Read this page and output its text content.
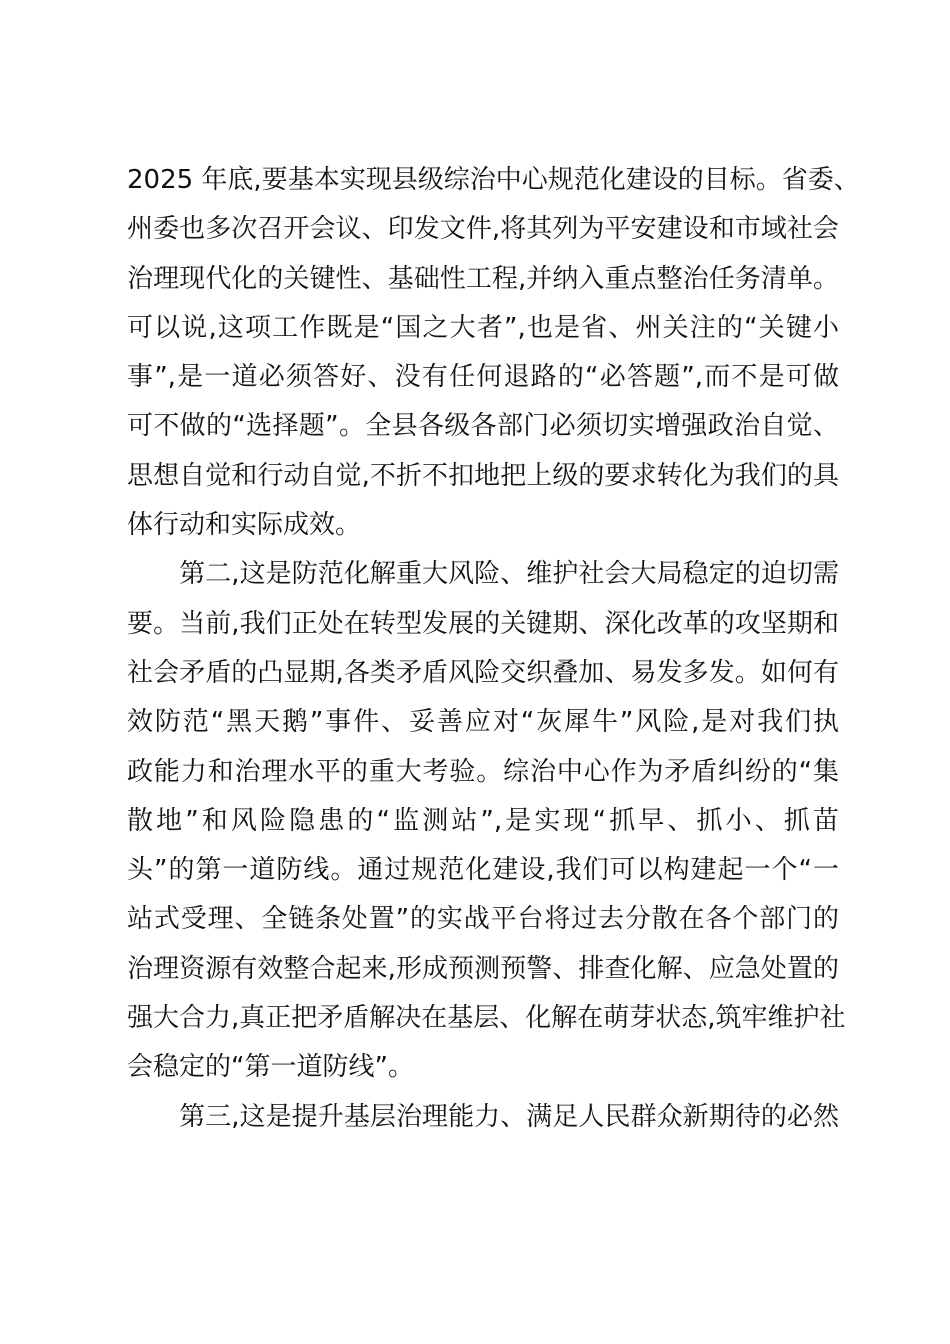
2025 年底,要基本实现县级综治中心规范化建设的目标。省委、
州委也多次召开会议、印发文件,将其列为平安建设和市域社会
治理现代化的关键性、基础性工程,并纳入重点整治任务清单。
可以说,这项工作既是“国之大者”,也是省、州关注的“关键小
事”,是一道必须答好、没有任何退路的“必答题”,而不是可做
可不做的“选择题”。全县各级各部门必须切实增强政治自觉、
思想自觉和行动自觉,不折不扣地把上级的要求转化为我们的具
体行动和实际成效。
　　第二,这是防范化解重大风险、维护社会大局稳定的迫切需
要。当前,我们正处在转型发展的关键期、深化改革的攻坚期和
社会矛盾的凸显期,各类矛盾风险交织叠加、易发多发。如何有
效防范“黑天鹅”事件、妥善应对“灰犀牛”风险,是对我们执
政能力和治理水平的重大考验。综治中心作为矛盾纠纷的“集
散地”和风险隐患的“监测站”,是实现“抓早、抓小、抓苗
头”的第一道防线。通过规范化建设,我们可以构建起一个“一
站式受理、全链条处置”的实战平台将过去分散在各个部门的
治理资源有效整合起来,形成预测预警、排查化解、应急处置的
强大合力,真正把矛盾解决在基层、化解在萌芽状态,筑牢维护社
会稳定的“第一道防线”。
　　第三,这是提升基层治理能力、满足人民群众新期待的必然
